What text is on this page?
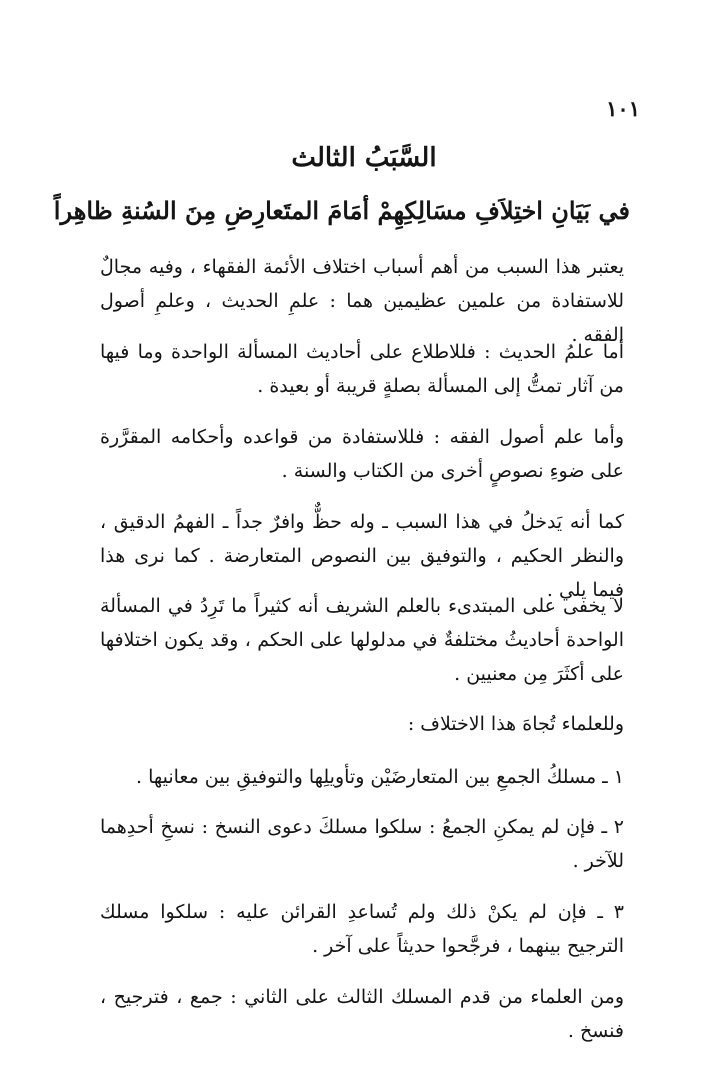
١٠١
السَّبَبُ الثالث
في بَيَانِ اختِلاَفِ مسَالِكِهِمْ أمَامَ المتَعارِضِ مِنَ السُنةِ ظاهِراً

يعتبر هذا السبب من أهم أسباب اختلاف الأئمة الفقهاء ، وفيه مجالٌ للاستفادة من علمين عظيمين هما : علمِ الحديث ، وعلمِ أصول الفقه .

أما علمُ الحديث : فللاطلاع على أحاديث المسألة الواحدة وما فيها من آثار تمتُّ إلى المسألة بصلةٍ قريبة أو بعيدة .

وأما علم أصول الفقه : فللاستفادة من قواعده وأحكامه المقرَّرة على ضوءِ نصوصٍ أخرى من الكتاب والسنة .

كما أنه يَدخلُ في هذا السبب ـ وله حظٌّ وافرٌ جداً ـ الفهمُ الدقيق ، والنظر الحكيم ، والتوفيق بين النصوص المتعارضة . كما نرى هذا فيما يلي .

لا يخفى على المبتدىء بالعلم الشريف أنه كثيراً ما تَرِدُ في المسألة الواحدة أحاديثُ مختلفةٌ في مدلولها على الحكم ، وقد يكون اختلافها على أكثَرَ مِن معنيين .

وللعلماء تُجاهَ هذا الاختلاف :

١ ـ مسلكُ الجمعِ بين المتعارضَيْن وتأويلِها والتوفيقِ بين معانيها .

٢ ـ فإن لم يمكنِ الجمعُ : سلكوا مسلكَ دعوى النسخ : نسخِ أحدِهما للآخر .

٣ ـ فإن لم يكنْ ذلك ولم تُساعدِ القرائن عليه : سلكوا مسلك الترجيح بينهما ، فرجَّحوا حديثاً على آخر .

ومن العلماء من قدم المسلك الثالث على الثاني : جمع ، فترجيح ، فنسخ .
